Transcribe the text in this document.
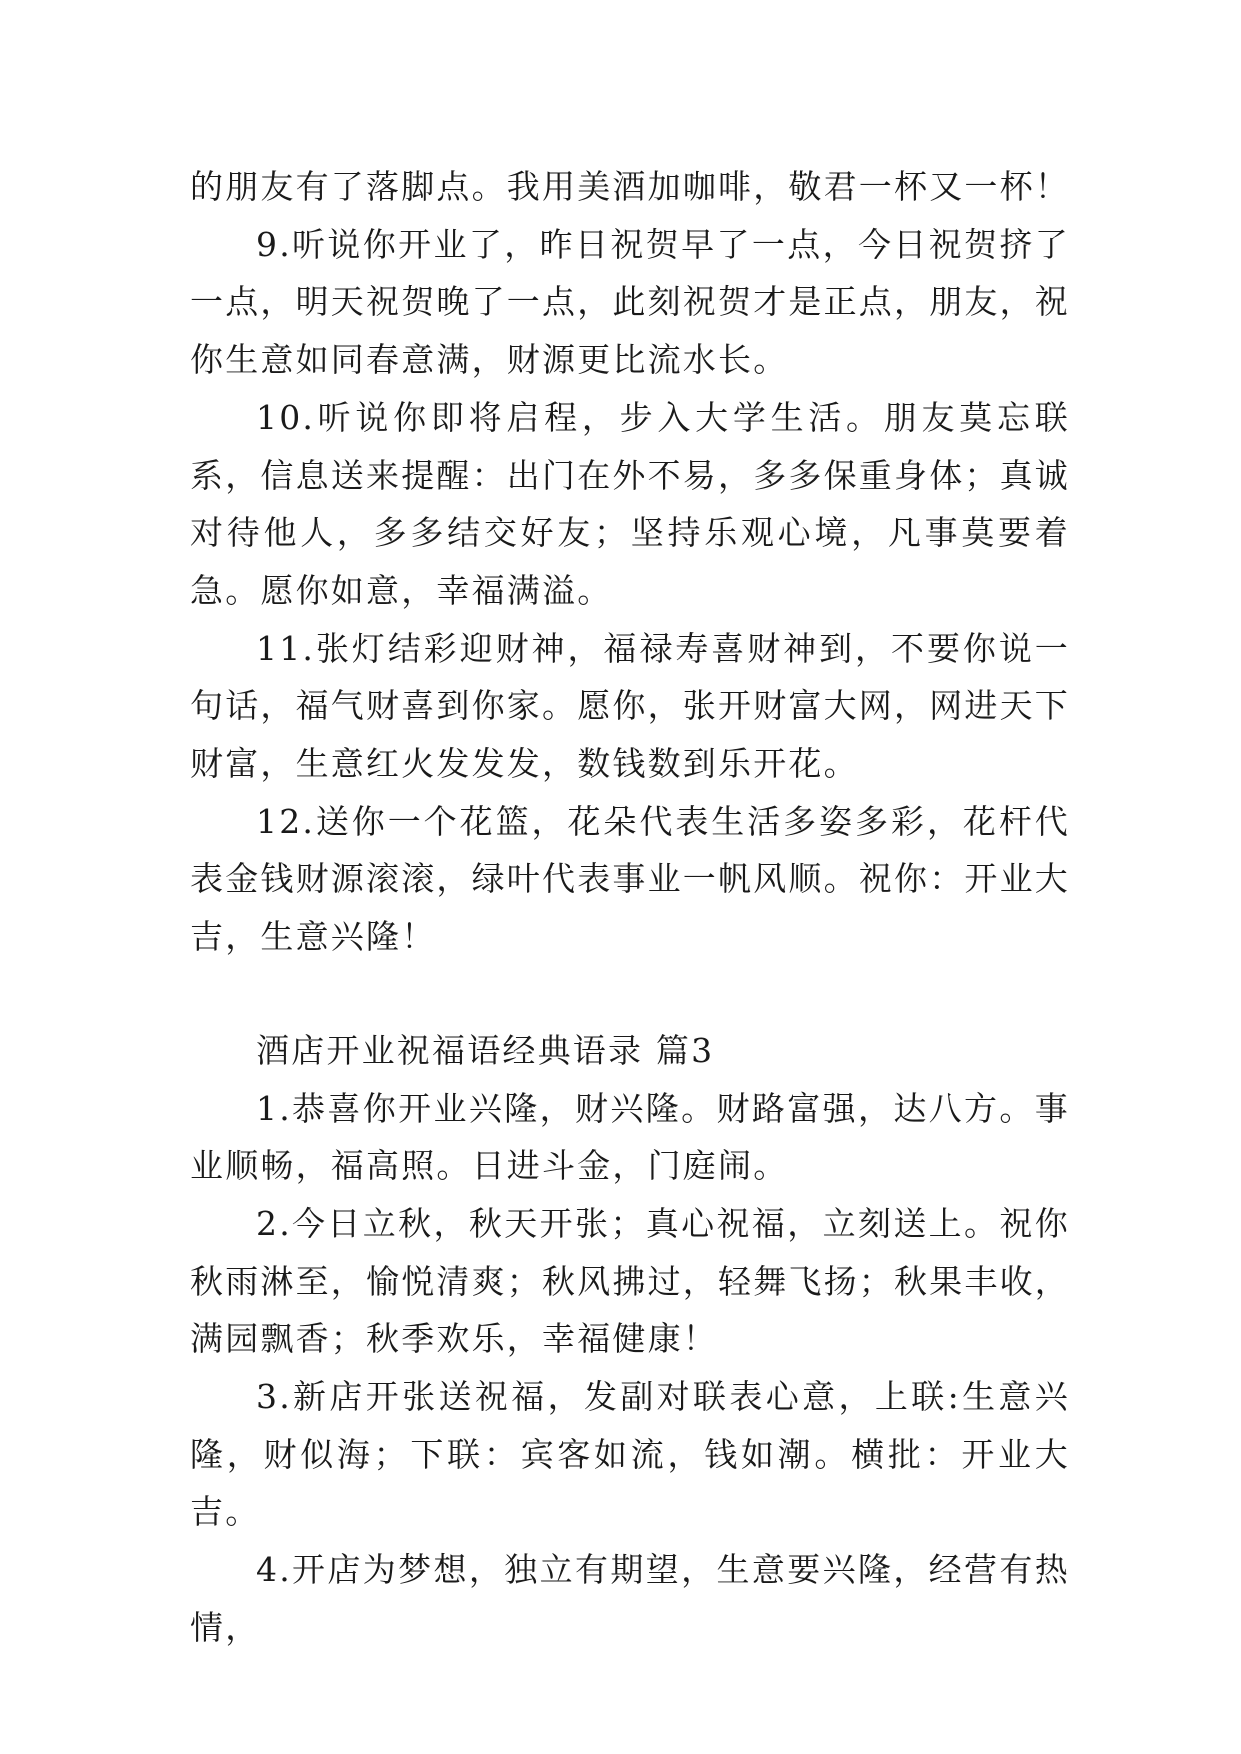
的朋友有了落脚点。我用美酒加咖啡，敬君一杯又一杯！

9.听说你开业了，昨日祝贺早了一点，今日祝贺挤了一点，明天祝贺晚了一点，此刻祝贺才是正点，朋友，祝你生意如同春意满，财源更比流水长。

10.听说你即将启程，步入大学生活。朋友莫忘联系，信息送来提醒：出门在外不易，多多保重身体；真诚对待他人，多多结交好友；坚持乐观心境，凡事莫要着急。愿你如意，幸福满溢。

11.张灯结彩迎财神，福禄寿喜财神到，不要你说一句话，福气财喜到你家。愿你，张开财富大网，网进天下财富，生意红火发发发，数钱数到乐开花。

12.送你一个花篮，花朵代表生活多姿多彩，花杆代表金钱财源滚滚，绿叶代表事业一帆风顺。祝你：开业大吉，生意兴隆！

酒店开业祝福语经典语录 篇3

1.恭喜你开业兴隆，财兴隆。财路富强，达八方。事业顺畅，福高照。日进斗金，门庭闹。

2.今日立秋，秋天开张；真心祝福，立刻送上。祝你秋雨淋至，愉悦清爽；秋风拂过，轻舞飞扬；秋果丰收，满园飘香；秋季欢乐，幸福健康！

3.新店开张送祝福，发副对联表心意，上联:生意兴隆，财似海；下联：宾客如流，钱如潮。横批：开业大吉。

4.开店为梦想，独立有期望，生意要兴隆，经营有热情，
